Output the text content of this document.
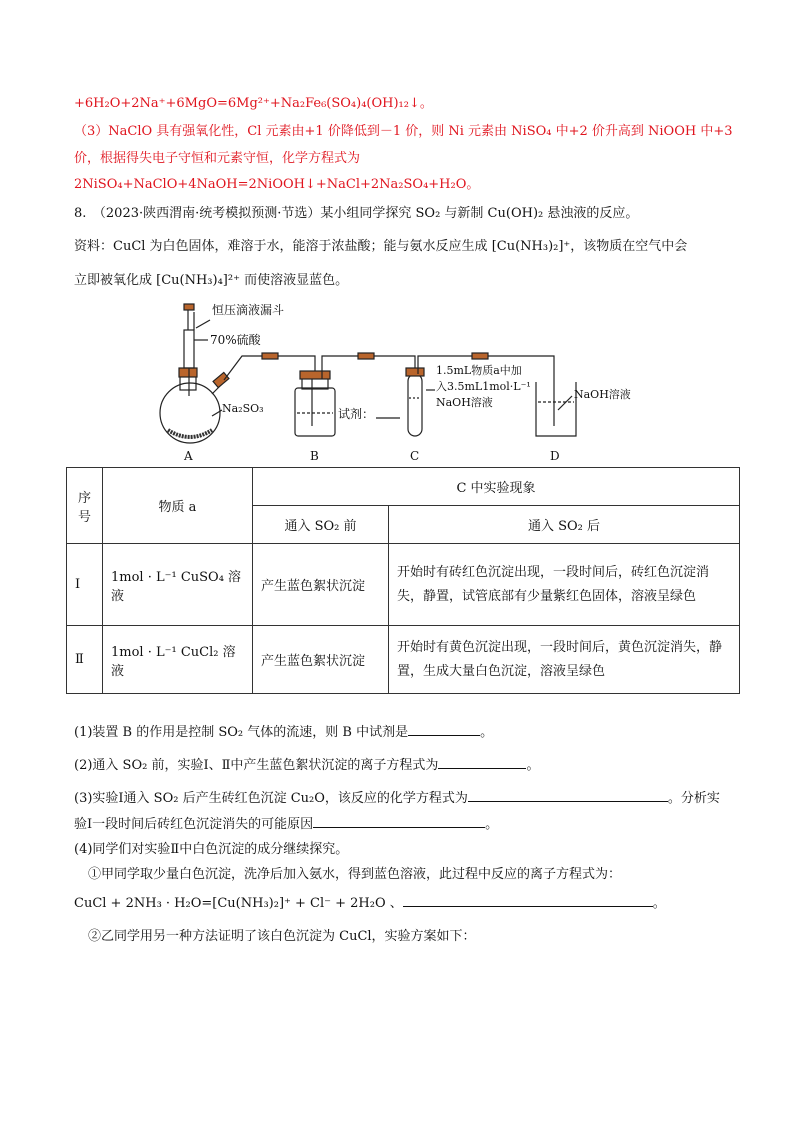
+6H₂O+2Na⁺+6MgO=6Mg²⁺+Na₂Fe₆(SO₄)₄(OH)₁₂↓。
（3）NaClO 具有强氧化性，Cl 元素由+1 价降低到－1 价，则 Ni 元素由 NiSO₄ 中+2 价升高到 NiOOH 中+3
价，根据得失电子守恒和元素守恒，化学方程式为
2NiSO₄+NaClO+4NaOH=2NiOOH↓+NaCl+2Na₂SO₄+H₂O。
8.　（2023·陕西渭南·统考模拟预测·节选）某小组同学探究 SO₂ 与新制 Cu(OH)₂ 悬浊液的反应。
资料：CuCl 为白色固体，难溶于水，能溶于浓盐酸；能与氨水反应生成 [Cu(NH₃)₂]⁺，该物质在空气中会
立即被氧化成 [Cu(NH₃)₄]²⁺ 而使溶液显蓝色。
恒压滴液漏斗
70%硫酸
Na₂SO₃	试剂：
1.5mL物质a中加
入3.5mL1mol·L⁻¹
NaOH溶液
NaOH溶液
A	B	C	D
序号	物质 a	C 中实验现象	
		通入 SO₂ 前	通入 SO₂ 后
Ⅰ	1mol · L⁻¹ CuSO₄ 溶液	产生蓝色絮状沉淀	开始时有砖红色沉淀出现，一段时间后，砖红色沉淀消失，静置，试管底部有少量紫红色固体，溶液呈绿色
Ⅱ	1mol · L⁻¹ CuCl₂ 溶液	产生蓝色絮状沉淀	开始时有黄色沉淀出现，一段时间后，黄色沉淀消失，静置，生成大量白色沉淀，溶液呈绿色
(1)装置 B 的作用是控制 SO₂ 气体的流速，则 B 中试剂是	。
(2)通入 SO₂ 前，实验Ⅰ、Ⅱ中产生蓝色絮状沉淀的离子方程式为	。
(3)实验Ⅰ通入 SO₂ 后产生砖红色沉淀 Cu₂O，该反应的化学方程式为	。分析实
验Ⅰ一段时间后砖红色沉淀消失的可能原因	。
(4)同学们对实验Ⅱ中白色沉淀的成分继续探究。
①甲同学取少量白色沉淀，洗净后加入氨水，得到蓝色溶液，此过程中反应的离子方程式为：
CuCl + 2NH₃ · H₂O=[Cu(NH₃)₂]⁺ + Cl⁻ + 2H₂O 、	。
②乙同学用另一种方法证明了该白色沉淀为 CuCl，实验方案如下：
